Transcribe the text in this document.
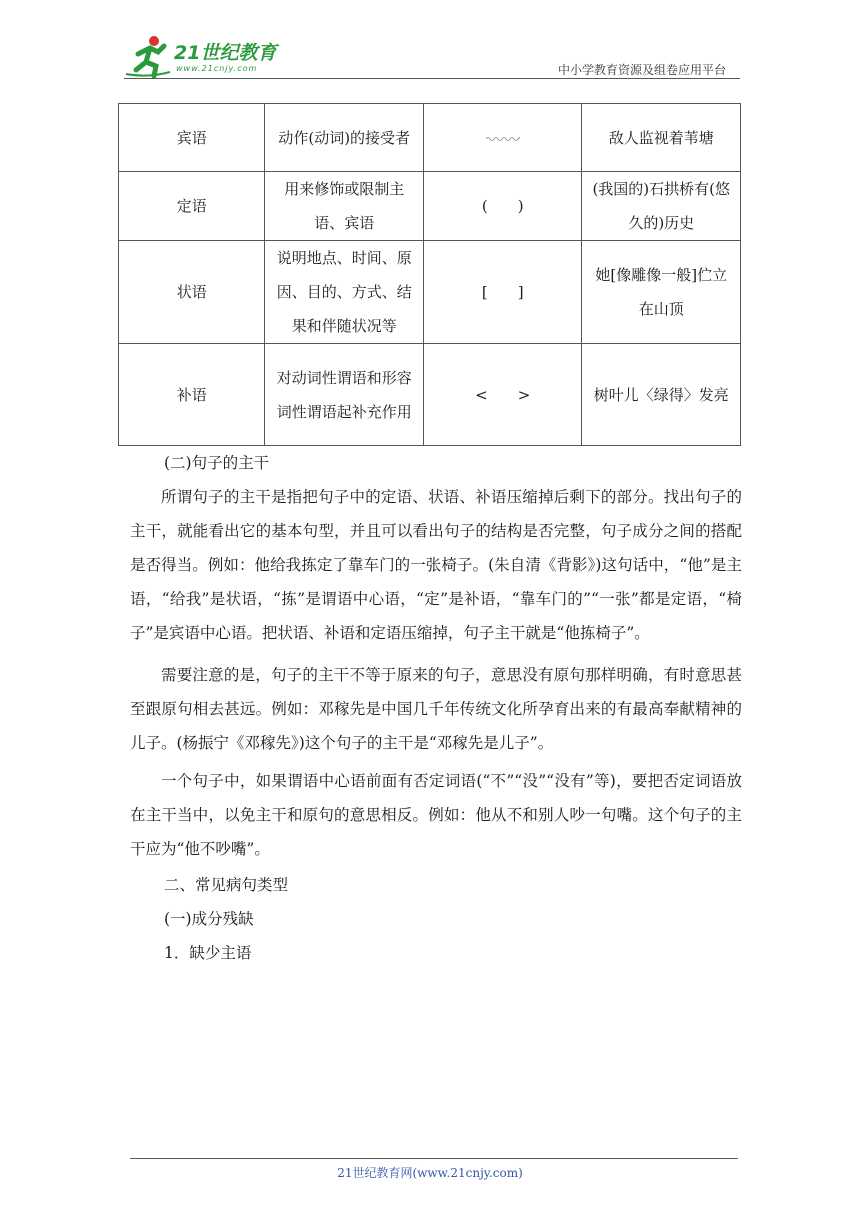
21世纪教育
www.21cnjy.com	中小学教育资源及组卷应用平台
宾语	动作(动词)的接受者		敌人监视着苇塘
定语	用来修饰或限制主语、宾语	(　　)	(我国的)石拱桥有(悠久的)历史
状语	说明地点、时间、原因、目的、方式、结果和伴随状况等	[　　]	她[像雕像一般]伫立在山顶
补语	对动词性谓语和形容词性谓语起补充作用	<　　>	树叶儿〈绿得〉发亮

(二)句子的主干

所谓句子的主干是指把句子中的定语、状语、补语压缩掉后剩下的部分。找出句子的主干，就能看出它的基本句型，并且可以看出句子的结构是否完整，句子成分之间的搭配是否得当。例如：他给我拣定了靠车门的一张椅子。(朱自清《背影》)这句话中，“他”是主语，“给我”是状语，“拣”是谓语中心语，“定”是补语，“靠车门的”“一张”都是定语，“椅子”是宾语中心语。把状语、补语和定语压缩掉，句子主干就是“他拣椅子”。

需要注意的是，句子的主干不等于原来的句子，意思没有原句那样明确，有时意思甚至跟原句相去甚远。例如：邓稼先是中国几千年传统文化所孕育出来的有最高奉献精神的儿子。(杨振宁《邓稼先》)这个句子的主干是“邓稼先是儿子”。

一个句子中，如果谓语中心语前面有否定词语(“不”“没”“没有”等)，要把否定词语放在主干当中，以免主干和原句的意思相反。例如：他从不和别人吵一句嘴。这个句子的主干应为“他不吵嘴”。

二、常见病句类型

(一)成分残缺

1．缺少主语

21世纪教育网(www.21cnjy.com)
